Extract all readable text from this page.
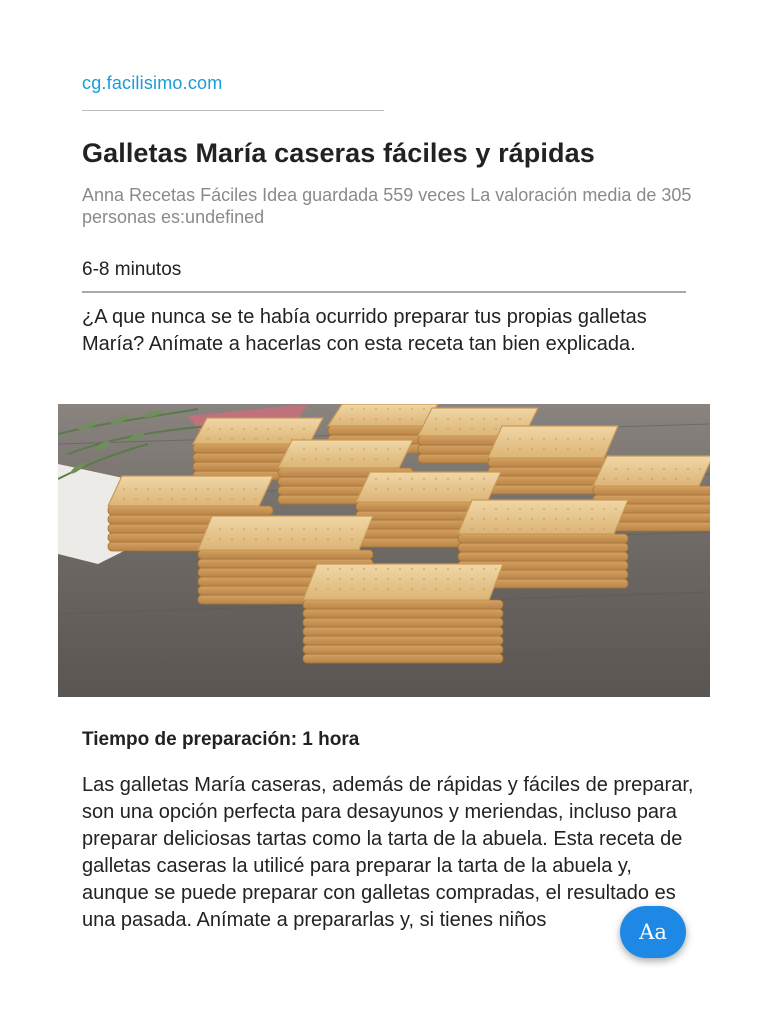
cg.facilisimo.com
Galletas María caseras fáciles y rápidas
Anna Recetas Fáciles Idea guardada 559 veces La valoración media de 305 personas es:undefined
6-8 minutos
¿A que nunca se te había ocurrido preparar tus propias galletas María? Anímate a hacerlas con esta receta tan bien explicada.
Tiempo de preparación: 1 hora
Las galletas María caseras, además de rápidas y fáciles de preparar, son una opción perfecta para desayunos y meriendas, incluso para preparar deliciosas tartas como la tarta de la abuela. Esta receta de galletas caseras la utilicé para preparar la tarta de la abuela y, aunque se puede preparar con galletas compradas, el resultado es una pasada. Anímate a prepararlas y, si tienes niños	Aa
